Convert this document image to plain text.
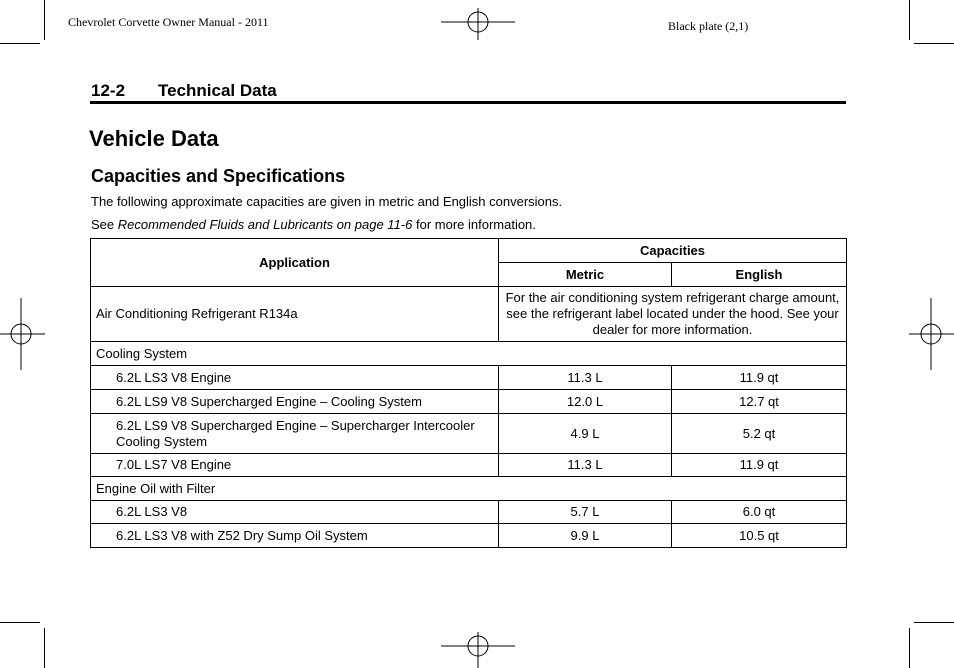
Chevrolet Corvette Owner Manual - 2011	Black plate (2,1)
12-2 Technical Data
Vehicle Data
Capacities and Specifications
The following approximate capacities are given in metric and English conversions.
See Recommended Fluids and Lubricants on page 11-6 for more information.
Application	Capacities	
	Metric	English
Air Conditioning Refrigerant R134a	For the air conditioning system refrigerant charge amount, see the refrigerant label located under the hood. See your dealer for more information.	
Cooling System		
6.2L LS3 V8 Engine	11.3 L	11.9 qt
6.2L LS9 V8 Supercharged Engine – Cooling System	12.0 L	12.7 qt
6.2L LS9 V8 Supercharged Engine – Supercharger Intercooler Cooling System	4.9 L	5.2 qt
7.0L LS7 V8 Engine	11.3 L	11.9 qt
Engine Oil with Filter		
6.2L LS3 V8	5.7 L	6.0 qt
6.2L LS3 V8 with Z52 Dry Sump Oil System	9.9 L	10.5 qt
